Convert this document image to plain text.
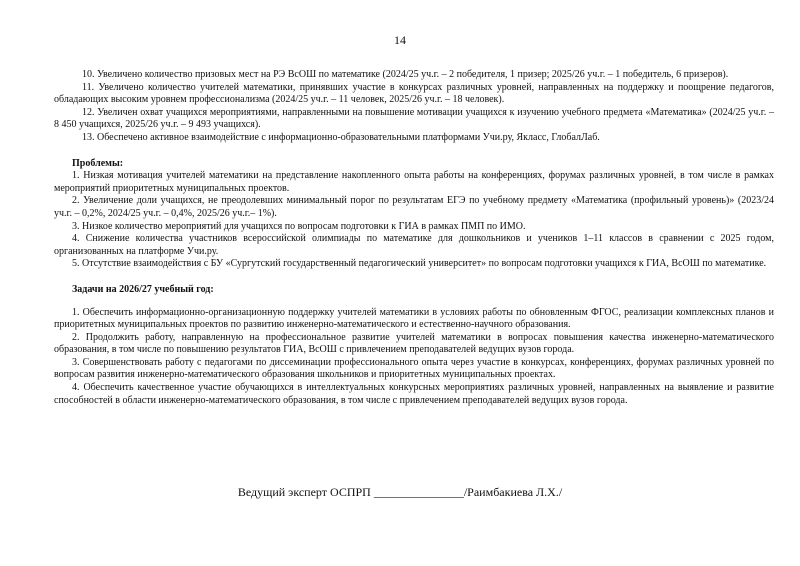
14

10. Увеличено количество призовых мест на РЭ ВсОШ по математике (2024/25 уч.г. – 2 победителя, 1 призер; 2025/26 уч.г. – 1 победитель, 6 призеров).

11. Увеличено количество учителей математики, принявших участие в конкурсах различных уровней, направленных на поддержку и поощрение педагогов, обладающих высоким уровнем профессионализма (2024/25 уч.г. – 11 человек, 2025/26 уч.г. – 18 человек).

12. Увеличен охват учащихся мероприятиями, направленными на повышение мотивации учащихся к изучению учебного предмета «Математика» (2024/25 уч.г. – 8 450 учащихся, 2025/26 уч.г. – 9 493 учащихся).

13. Обеспечено активное взаимодействие с информационно-образовательными платформами Учи.ру, Якласс, ГлобалЛаб.

Проблемы:

1. Низкая мотивация учителей математики на представление накопленного опыта работы на конференциях, форумах различных уровней, в том числе в рамках мероприятий приоритетных муниципальных проектов.

2. Увеличение доли учащихся, не преодолевших минимальный порог по результатам ЕГЭ по учебному предмету «Математика (профильный уровень)» (2023/24 уч.г. – 0,2%, 2024/25 уч.г. – 0,4%, 2025/26 уч.г.– 1%).

3. Низкое количество мероприятий для учащихся по вопросам подготовки к ГИА в рамках ПМП по ИМО.

4. Снижение количества участников всероссийской олимпиады по математике для дошкольников и учеников 1–11 классов в сравнении с 2025 годом, организованных на платформе Учи.ру.

5. Отсутствие взаимодействия с БУ «Сургутский государственный педагогический университет» по вопросам подготовки учащихся к ГИА, ВсОШ по математике.

Задачи на 2026/27 учебный год:

1. Обеспечить информационно-организационную поддержку учителей математики в условиях работы по обновленным ФГОС, реализации комплексных планов и приоритетных муниципальных проектов по развитию инженерно-математического и естественно-научного образования.

2. Продолжить работу, направленную на профессиональное развитие учителей математики в вопросах повышения качества инженерно-математического образования, в том числе по повышению результатов ГИА, ВсОШ с привлечением преподавателей ведущих вузов города.

3. Совершенствовать работу с педагогами по диссеминации профессионального опыта через участие в конкурсах, конференциях, форумах различных уровней по вопросам развития инженерно-математического образования школьников и приоритетных муниципальных проектах.

4. Обеспечить качественное участие обучающихся в интеллектуальных конкурсных мероприятиях различных уровней, направленных на выявление и развитие способностей в области инженерно-математического образования, в том числе с привлечением преподавателей ведущих вузов города.

Ведущий эксперт ОСПРП _______________/Раимбакиева Л.Х./
